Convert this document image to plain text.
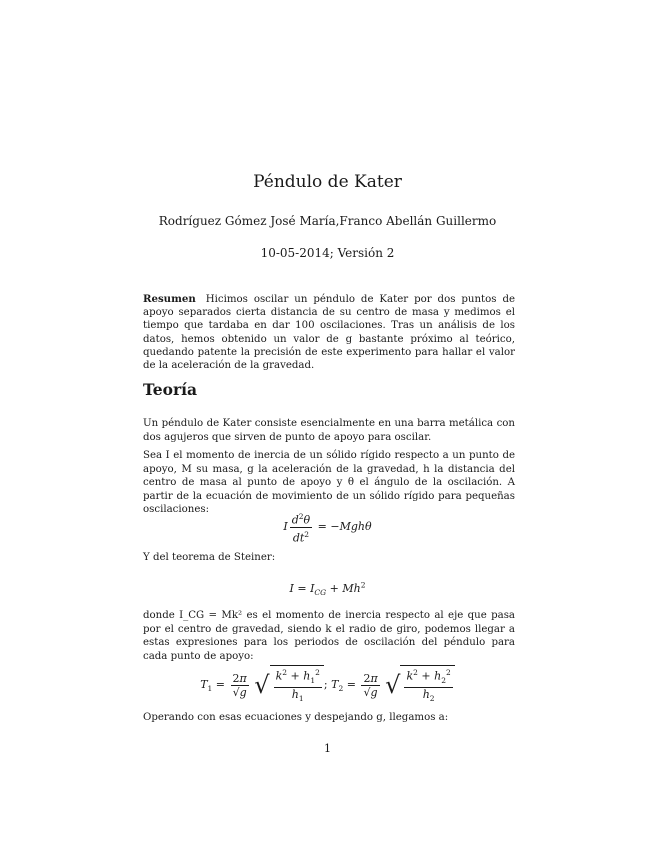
Péndulo de Kater
Rodríguez Gómez José María,Franco Abellán Guillermo
10-05-2014; Versión 2
Resumen Hicimos oscilar un péndulo de Kater por dos puntos de apoyo separados cierta distancia de su centro de masa y medimos el tiempo que tardaba en dar 100 oscilaciones. Tras un análisis de los datos, hemos obtenido un valor de g bastante próximo al teórico, quedando patente la precisión de este experimento para hallar el valor de la aceleración de la gravedad.
Teoría
Un péndulo de Kater consiste esencialmente en una barra metálica con dos agujeros que sirven de punto de apoyo para oscilar.
Sea I el momento de inercia de un sólido rígido respecto a un punto de apoyo, M su masa, g la aceleración de la gravedad, h la distancia del centro de masa al punto de apoyo y θ el ángulo de la oscilación. A partir de la ecuación de movimiento de un sólido rígido para pequeñas oscilaciones:
I $\frac{d^2\theta}{dt^2} = -Mgh\theta$
Y del teorema de Steiner:
$I = I_{CG} + Mh^2$
donde I_CG = Mk² es el momento de inercia respecto al eje que pasa por el centro de gravedad, siendo k el radio de giro, podemos llegar a estas expresiones para los periodos de oscilación del péndulo para cada punto de apoyo:
$T_1 = \frac{2\pi}{√g}$ √ $\frac{k^2 + h_1^2}{h_1}$ ; $T_2 = \frac{2\pi}{√g}$ √ $\frac{k^2 + h_2^2}{h_2}$
Operando con esas ecuaciones y despejando g, llegamos a:
1
